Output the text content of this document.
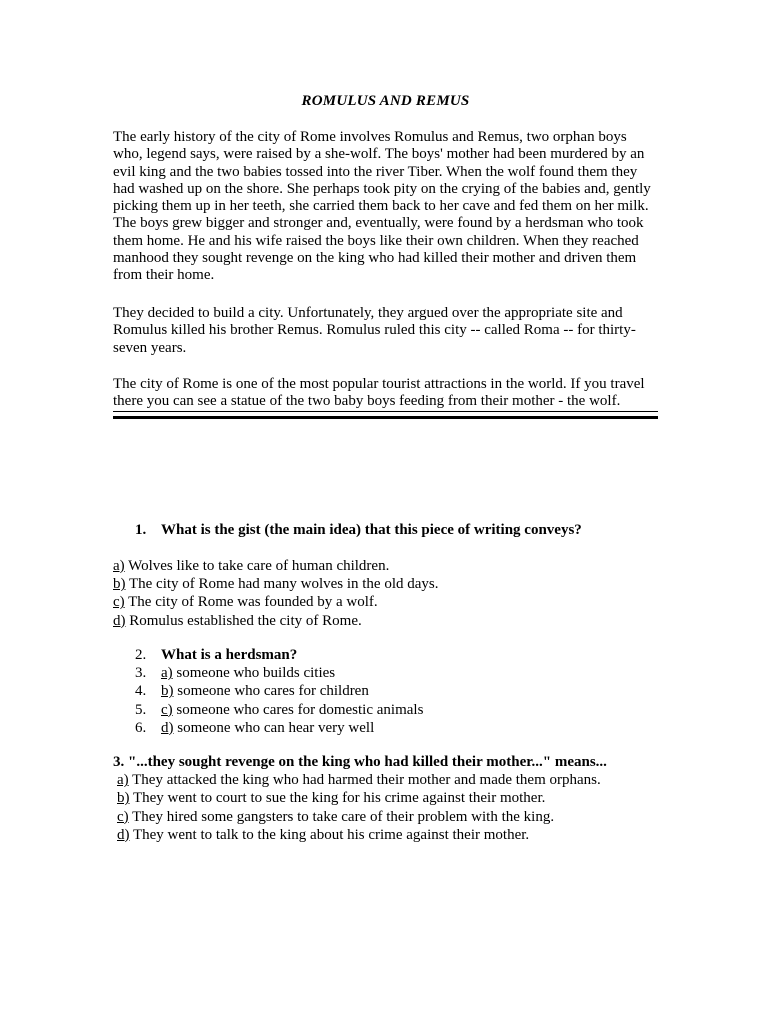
ROMULUS AND REMUS
The early history of the city of Rome involves Romulus and Remus, two orphan boys who, legend says, were raised by a she-wolf. The boys' mother had been murdered by an evil king and the two babies tossed into the river Tiber. When the wolf found them they had washed up on the shore. She perhaps took pity on the crying of the babies and, gently picking them up in her teeth, she carried them back to her cave and fed them on her milk. The boys grew bigger and stronger and, eventually, were found by a herdsman who took them home. He and his wife raised the boys like their own children. When they reached manhood they sought revenge on the king who had killed their mother and driven them from their home.
They decided to build a city. Unfortunately, they argued over the appropriate site and Romulus killed his brother Remus. Romulus ruled this city -- called Roma -- for thirty-seven years.
The city of Rome is one of the most popular tourist attractions in the world. If you travel
there you can see a statue of the two baby boys feeding from their mother - the wolf.
1. What is the gist (the main idea) that this piece of writing conveys?
a) Wolves like to take care of human children.
b) The city of Rome had many wolves in the old days.
c) The city of Rome was founded by a wolf.
d) Romulus established the city of Rome.
2. What is a herdsman?
3. a) someone who builds cities
4. b) someone who cares for children
5. c) someone who cares for domestic animals
6. d) someone who can hear very well
3. "...they sought revenge on the king who had killed their mother..." means...
a) They attacked the king who had harmed their mother and made them orphans.
b) They went to court to sue the king for his crime against their mother.
c) They hired some gangsters to take care of their problem with the king.
d) They went to talk to the king about his crime against their mother.
